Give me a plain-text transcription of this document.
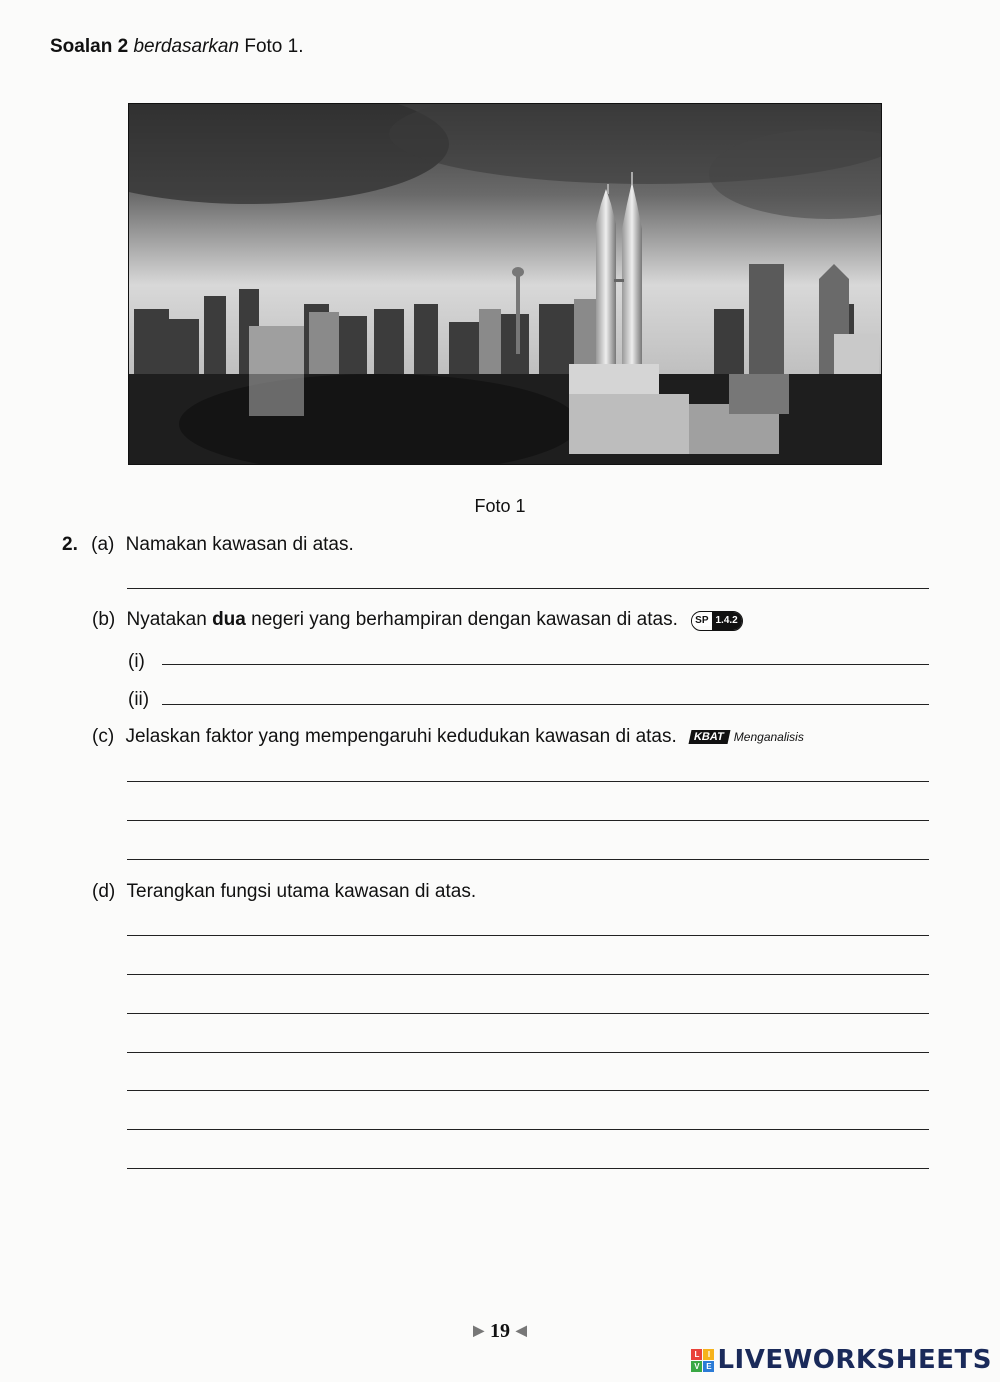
Soalan 2 berdasarkan Foto 1.
Foto 1
2. (a) Namakan kawasan di atas.
(b) Nyatakan dua negeri yang berhampiran dengan kawasan di atas.	SP 1.4.2
(i)
(ii)
(c) Jelaskan faktor yang mempengaruhi kedudukan kawasan di atas.	KBAT Menganalisis
(d) Terangkan fungsi utama kawasan di atas.
▶ 19 ◀
L	I
V E LIVEWORKSHEETS
